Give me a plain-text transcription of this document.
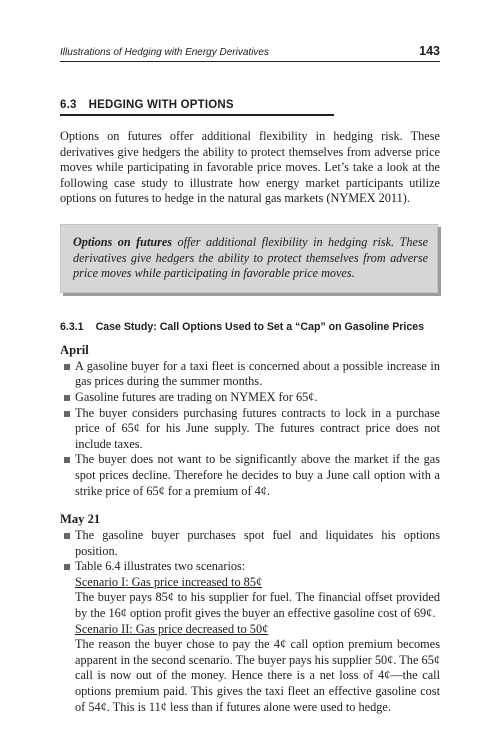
Illustrations of Hedging with Energy Derivatives	143
6.3 HEDGING WITH OPTIONS
Options on futures offer additional flexibility in hedging risk. These derivatives give hedgers the ability to protect themselves from adverse price moves while participating in favorable price moves. Let’s take a look at the following case study to illustrate how energy market participants utilize options on futures to hedge in the natural gas markets (NYMEX 2011).
Options on futures offer additional flexibility in hedging risk. These derivatives give hedgers the ability to protect themselves from adverse price moves while participating in favorable price moves.
6.3.1 Case Study: Call Options Used to Set a “Cap” on Gasoline Prices
April
A gasoline buyer for a taxi fleet is concerned about a possible increase in gas prices during the summer months.
Gasoline futures are trading on NYMEX for 65¢.
The buyer considers purchasing futures contracts to lock in a purchase price of 65¢ for his June supply. The futures contract price does not include taxes.
The buyer does not want to be significantly above the market if the gas spot prices decline. Therefore he decides to buy a June call option with a strike price of 65¢ for a premium of 4¢.
May 21
The gasoline buyer purchases spot fuel and liquidates his options position.
Table 6.4 illustrates two scenarios:
Scenario I: Gas price increased to 85¢
The buyer pays 85¢ to his supplier for fuel. The financial offset provided by the 16¢ option profit gives the buyer an effective gasoline cost of 69¢.
Scenario II: Gas price decreased to 50¢
The reason the buyer chose to pay the 4¢ call option premium becomes apparent in the second scenario. The buyer pays his supplier 50¢. The 65¢ call is now out of the money. Hence there is a net loss of 4¢—the call options premium paid. This gives the taxi fleet an effective gasoline cost of 54¢. This is 11¢ less than if futures alone were used to hedge.
